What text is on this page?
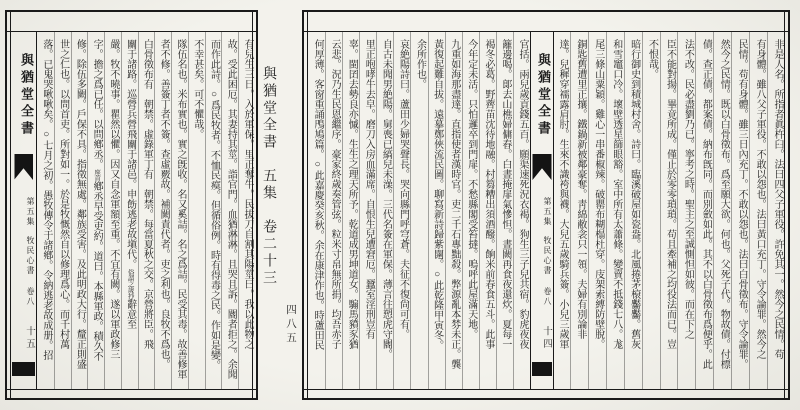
非是人名。所指者眞杵臼。法曰四父子軍役。許免其一。然今之民情。苟
有身體。雖八父子軍役。不敢以怨也。法曰黃口充丁。守令論罪。然今之
民情。苟有身體。雖三日內充丁。不敢以怨也。法曰白骨徵布。守令論罪。
然今之民情。既以白骨徵布。爲至願大欲。何也。父死子代。物故債。付標
債。查正債。都案債。納布旣同。而別斂如此。其不以白骨徵布爲便乎。此
法不改。民必盡劉乃已。寧考之時。聖主之至誠惻怛如彼。而在下之
臣不能對揚。畢竟所成。僅止於零零瑣瑣。苟且牽補之均役法而已。豈
不恨哉。
暗行御史到積城村舍。詩曰。臨溪破屋如瓷盎。北風捲茅榱齾齾。舊灰
和雪竈口冷。壞壁透星篩眼豁。室中所有太蕭條。變賣不抵錢七八。尨
尾三條山粟穎。雞心一串番椒辣。破罌布糊榻杜穿。庋架索縛防壁脫。
銅匙舊遭里正攘。鐵鍋新被鄰豪奪。靑綿敝衾只一領。夫婦有別論非
達。兒穉穿襦露肩肘。生來不識袴與襪。大兒五歲騎兵簽。小兒三歲軍
與猶堂全書
第五集
牧民心書
卷八
十四
官括。兩兒歲貢錢五百。願渠速死況衣褐。狗生三子兒共宿。豹虎夜夜
籬邊喝。郞去山樵婦傭舂。白晝掩扉氣慘怛。晝闕再食夜還炊。夏每一
褐冬必葛。野薺苗沈待地融。村篘糟出須酒醱。餉米前春食五斗。此事
今年定未活。只怕邏卒到門扉。不愁縣閣受笞撻。嗚呼此屋滿天地。
九重如海那盡達。直指使者漢時官。吏二千石專黜殺。弊源亂本棼未正。龔
黃復起難自拔。遠摹鄭俠流民圖。聊寫新詩歸紫闥。○此乾隆甲寅冬。
余所作也。
哀絶陽詩曰。蘆田少婦哭聲長。哭向縣門呼穹蒼。夫征不復尙可有。
自古未聞男絶陽。舅喪已縞兒未澡。三代名簽在軍保。薄言往愬虎守閽。
里正咆哮牛去皁。磨刀入房血滿席。自恨生兒遭窘厄。蠶室淫刑豈有
辜。閩囝去勢良亦慽。生生之理天所予。乾道成男坤道女。騸馬豶豕猶
云悲。況乃生民恩繼序。豪家終歲奏管弦。粒米寸帛無所捐。均吾赤子
何厚薄。客窗重誦鳲鳩篇。○此嘉慶癸亥秋。余在康津作也。時蘆田民
與猶堂全書
第五集
牧民心書
卷八
十五	有兒生三日。入於軍保。里正奪牛。民拔刀自割其陽莖曰。我以此物之
故。受此困厄。其妻持其莖。詣官門。血猶淋淋。且哭且訴。閽者拒之。余聞
而作此詩。○爲民牧者。不恤民瘼。但循俗例。時有得毒之民。作如是變。
不幸甚矣。可不懼哉。
隊伍名也。米布實也。實之旣收。名又奚詰。名之爲詰。民受其毒。故善修軍
者不修。善簽丁者不簽。查虛覈故。補闕責代者。吏之利也。良牧不爲也。
白骨徵布有　朝禁。虛錄軍丁有　朝禁。每當夏秋之交。京營將臣。飛
關于諸路。巡營兵營飛關于諸邑。申飭逃老故塡代。俗謂之歲抄辭意至
嚴。牧不曉事。瞿然以懼。因又自念軍額至重。不宜有闕。遂以軍政修三
字。擔之爲已任。以問鄕丞。座首鄕丞早受吏約。道曰。本縣軍政。積久不
修。除伍多闕。戶保不具。指徵無處。鄰族受害。及此明政大行。釐正則盛
世之仁也。以問首吏。所對如一。於是牧慨然自以修理爲心。而千村萬
落。已鬼哭啾啾矣。○七月之初。愚牧傳令于諸鄕。令納逃老故成册。招	與猶堂全書　五集　卷二十三
四八五
